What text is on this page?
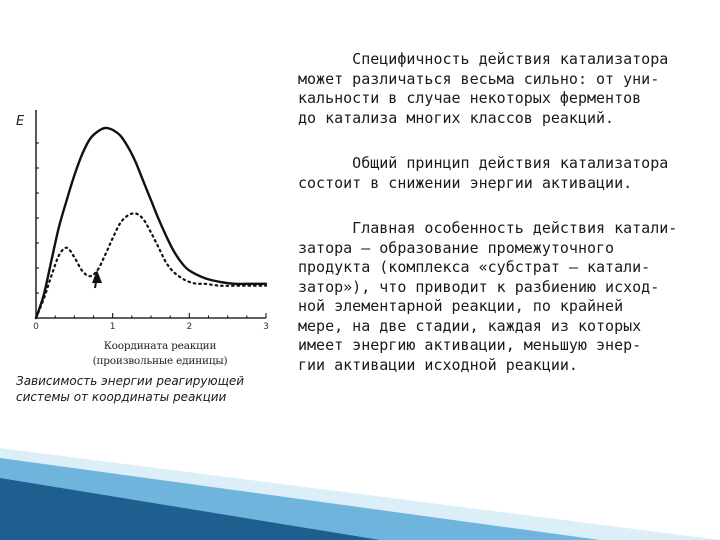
0	1	2	3
E
Координата реакции
(произвольные единицы)
Зависимость энергии реагирующей
системы от координаты реакции
Специфичность действия катализатора
может различаться весьма сильно: от уни-
кальности в случае некоторых ферментов
до катализа многих классов реакций.
Общий принцип действия катализатора
состоит в снижении энергии активации.
Главная особенность действия катали-
затора – образование промежуточного
продукта (комплекса «субстрат – катали-
затор»), что приводит к разбиению исход-
ной элементарной реакции, по крайней
мере, на две стадии, каждая из которых
имеет энергию активации, меньшую энер-
гии активации исходной реакции.
